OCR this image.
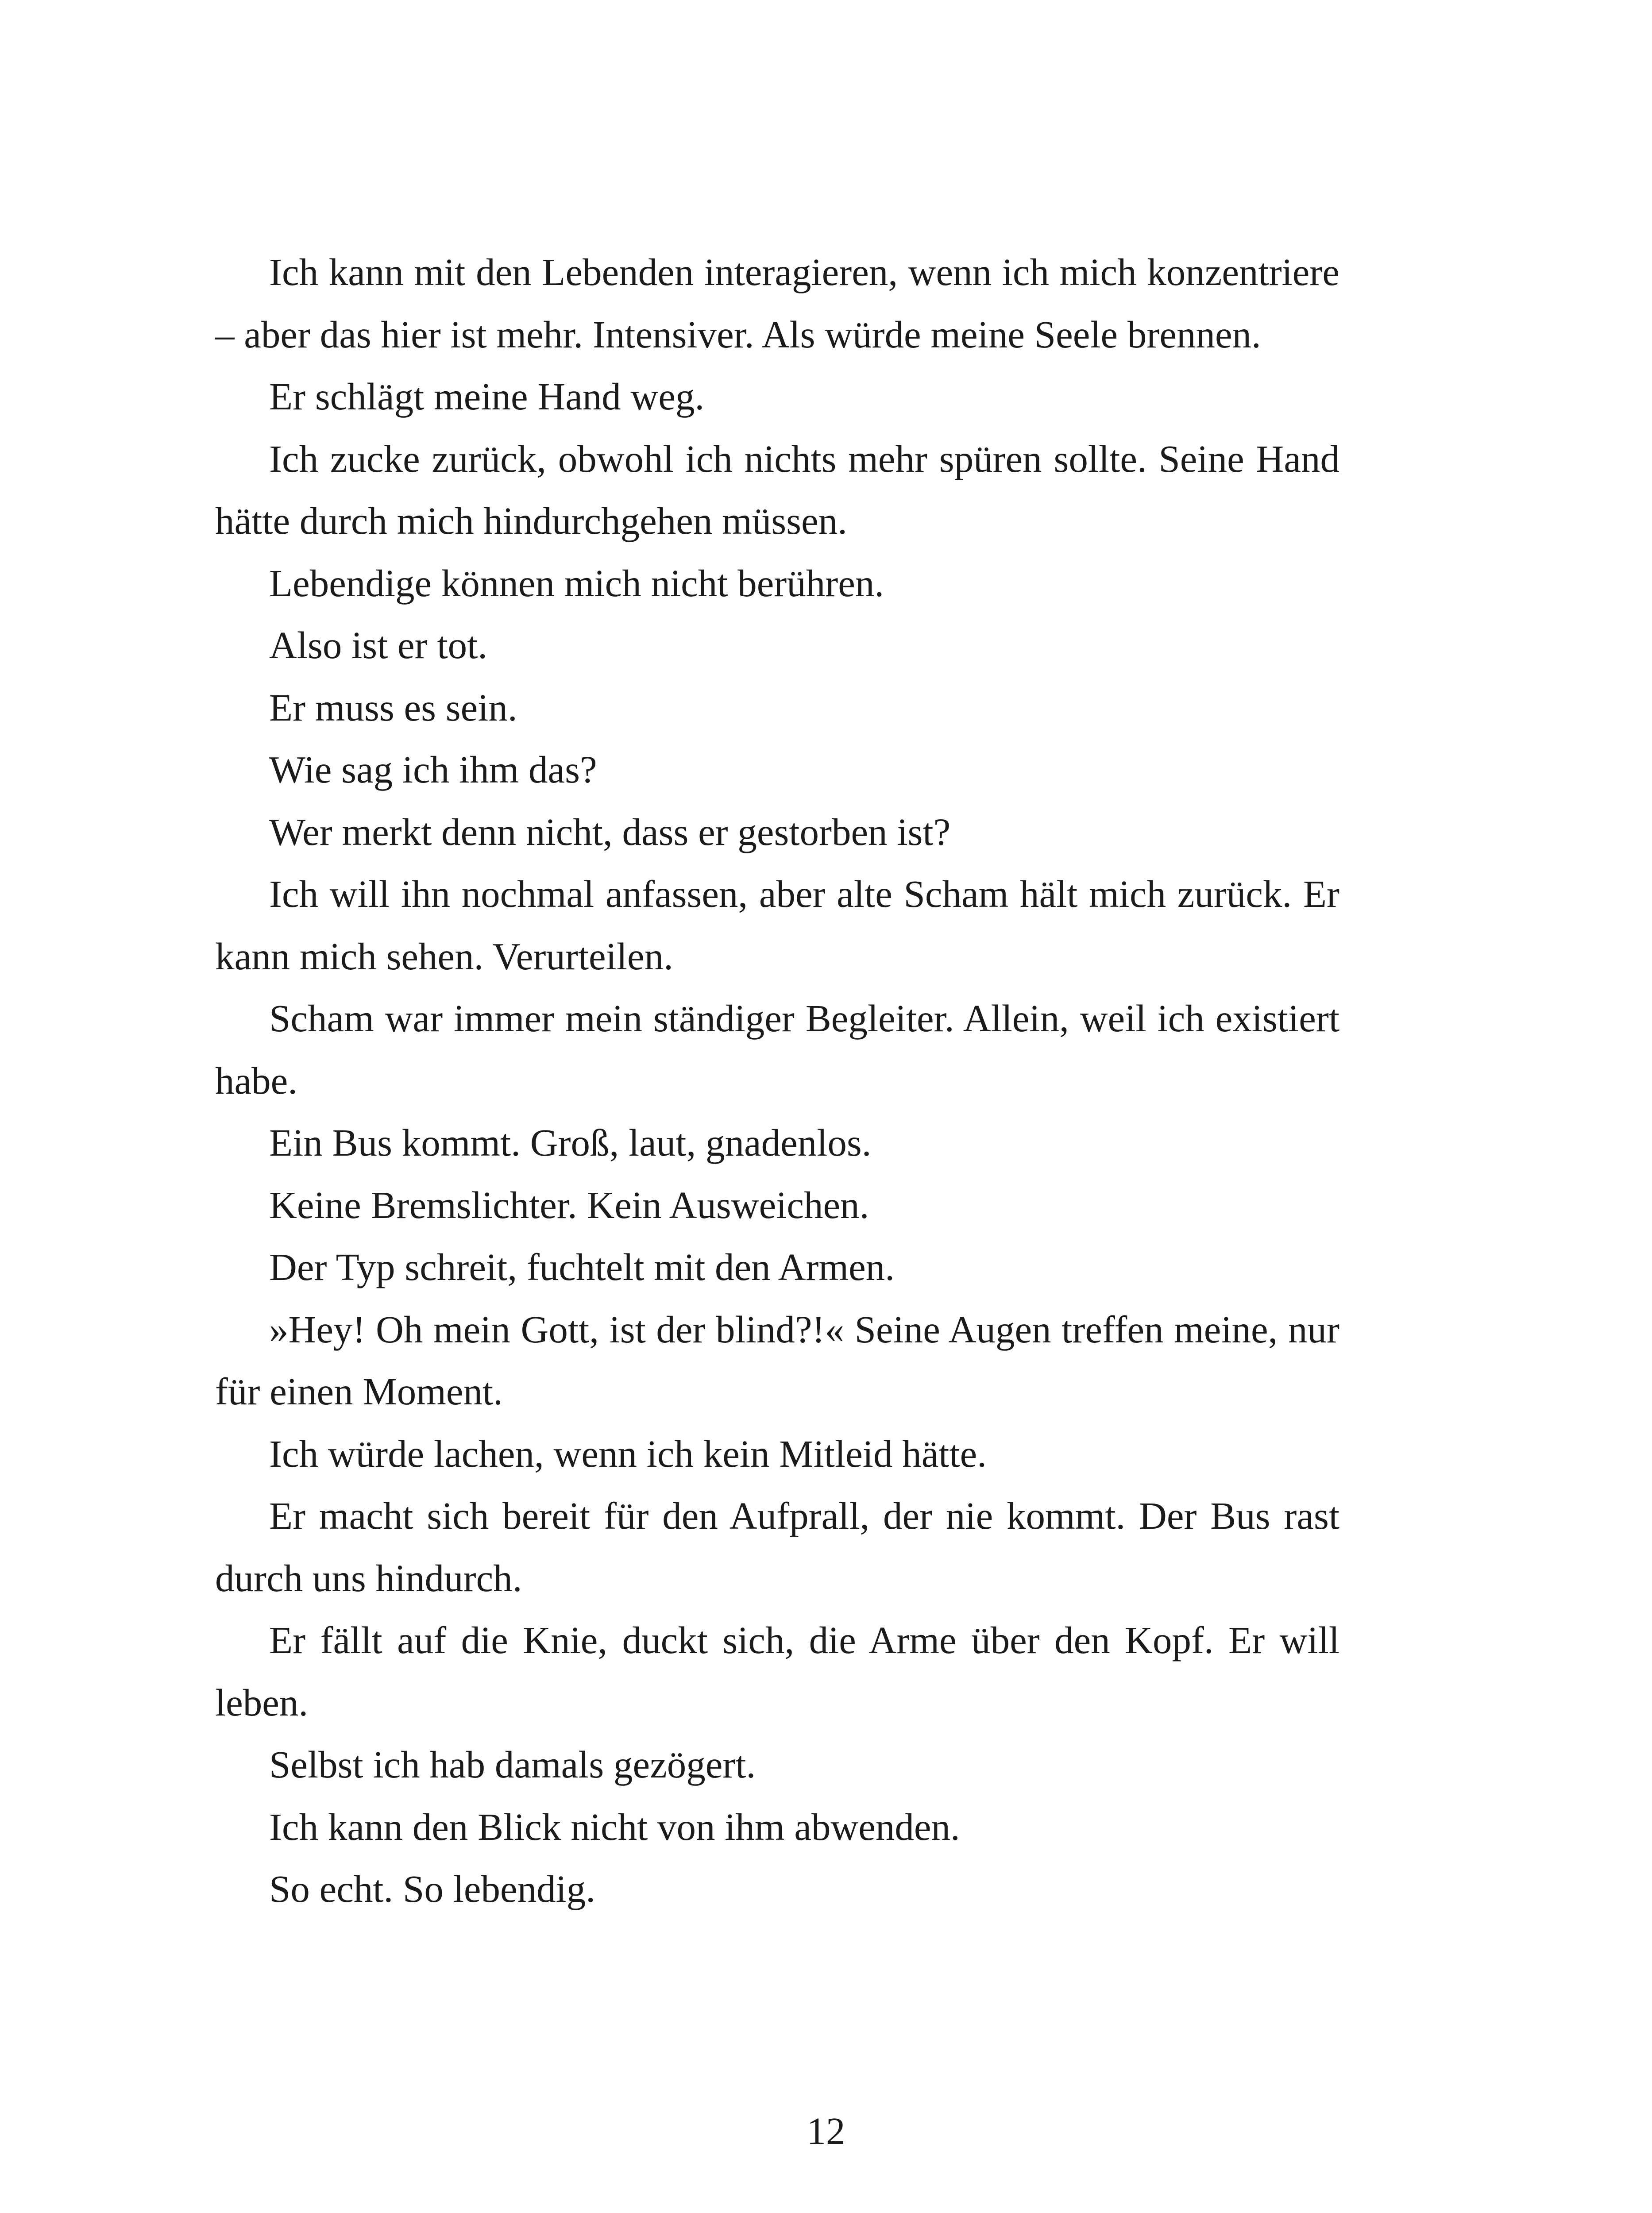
Ich kann mit den Lebenden interagieren, wenn ich mich konzentriere – aber das hier ist mehr. Intensiver. Als würde meine Seele brennen.

Er schlägt meine Hand weg.

Ich zucke zurück, obwohl ich nichts mehr spüren sollte. Seine Hand hätte durch mich hindurchgehen müssen.

Lebendige können mich nicht berühren.

Also ist er tot.

Er muss es sein.

Wie sag ich ihm das?

Wer merkt denn nicht, dass er gestorben ist?

Ich will ihn nochmal anfassen, aber alte Scham hält mich zurück. Er kann mich sehen. Verurteilen.

Scham war immer mein ständiger Begleiter. Allein, weil ich existiert habe.

Ein Bus kommt. Groß, laut, gnadenlos.

Keine Bremslichter. Kein Ausweichen.

Der Typ schreit, fuchtelt mit den Armen.

»Hey! Oh mein Gott, ist der blind?!« Seine Augen treffen meine, nur für einen Moment.

Ich würde lachen, wenn ich kein Mitleid hätte.

Er macht sich bereit für den Aufprall, der nie kommt. Der Bus rast durch uns hindurch.

Er fällt auf die Knie, duckt sich, die Arme über den Kopf. Er will leben.

Selbst ich hab damals gezögert.

Ich kann den Blick nicht von ihm abwenden.

So echt. So lebendig.

12
